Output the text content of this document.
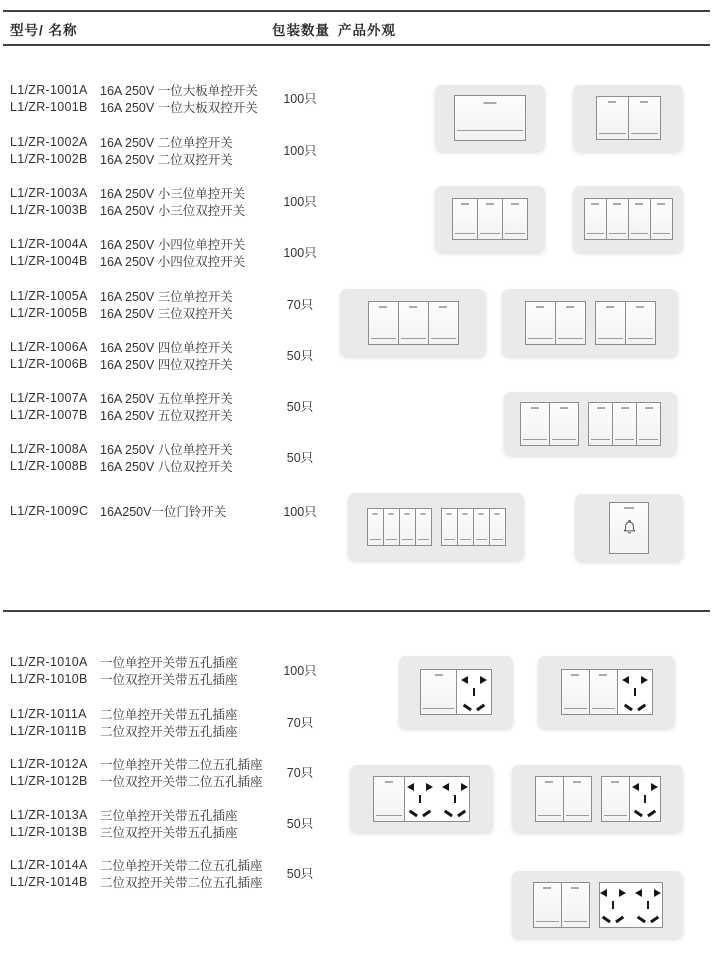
型号/ 名称	包装数量 产品外观
L1/ZR-1001A 16A 250V 一位大板单控开关
L1/ZR-1001B 16A 250V 一位大板双控开关
100只
L1/ZR-1002A 16A 250V 二位单控开关
L1/ZR-1002B 16A 250V 二位双控开关
100只
L1/ZR-1003A 16A 250V 小三位单控开关
L1/ZR-1003B 16A 250V 小三位双控开关
100只
L1/ZR-1004A 16A 250V 小四位单控开关
L1/ZR-1004B 16A 250V 小四位双控开关
100只
L1/ZR-1005A 16A 250V 三位单控开关
L1/ZR-1005B 16A 250V 三位双控开关
70只
L1/ZR-1006A 16A 250V 四位单控开关
L1/ZR-1006B 16A 250V 四位双控开关
50只
L1/ZR-1007A 16A 250V 五位单控开关
L1/ZR-1007B 16A 250V 五位双控开关
50只
L1/ZR-1008A 16A 250V 八位单控开关
L1/ZR-1008B 16A 250V 八位双控开关
50只
L1/ZR-1009C 16A250V一位门铃开关	100只
L1/ZR-1010A 一位单控开关带五孔插座
L1/ZR-1010B 一位双控开关带五孔插座
100只
L1/ZR-1011A	二位单控开关带五孔插座
L1/ZR-1011B	二位双控开关带五孔插座
70只
L1/ZR-1012A 一位单控开关带二位五孔插座
L1/ZR-1012B 一位双控开关带二位五孔插座
70只
L1/ZR-1013A 三位单控开关带五孔插座
L1/ZR-1013B 三位双控开关带五孔插座
50只
L1/ZR-1014A 二位单控开关带二位五孔插座
L1/ZR-1014B 二位双控开关带二位五孔插座
50只
